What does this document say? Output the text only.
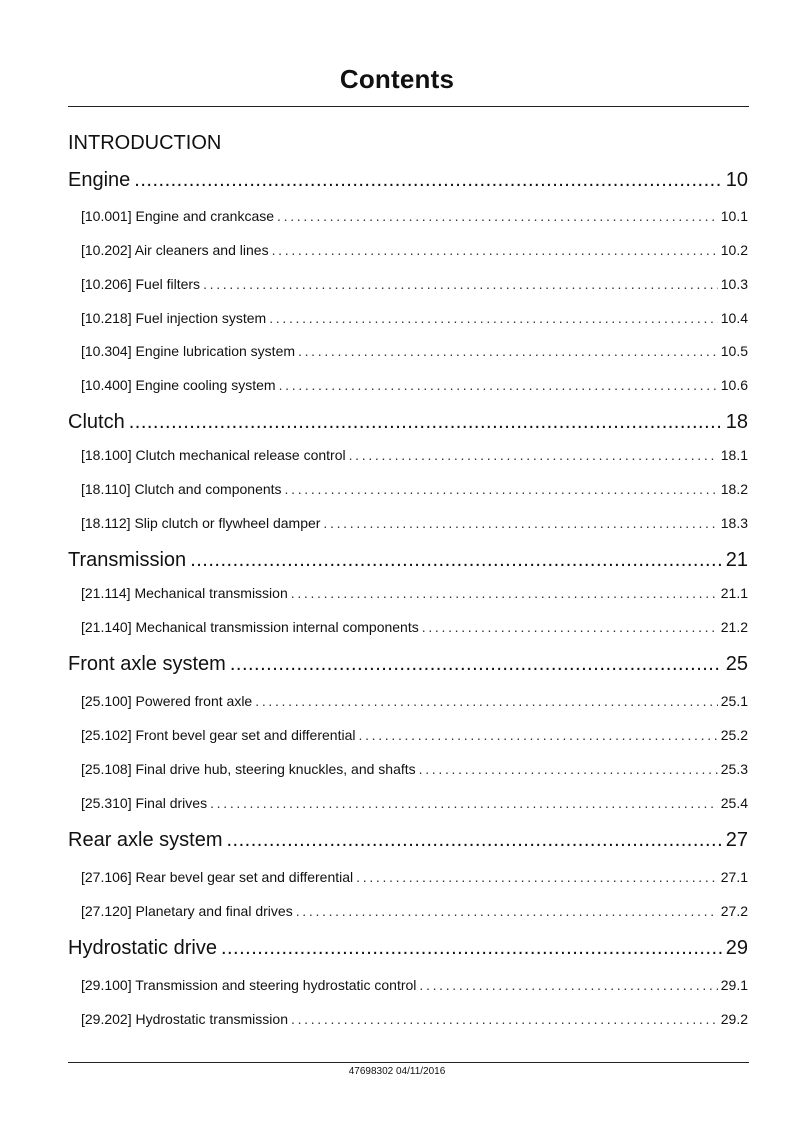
Contents
INTRODUCTION
Engine .....	10
[10.001] Engine and crankcase . . .	10.1
[10.202] Air cleaners and lines . . .	10.2
[10.206] Fuel filters . . .	10.3
[10.218] Fuel injection system . . .	10.4
[10.304] Engine lubrication system . . .	10.5
[10.400] Engine cooling system . . .	10.6
Clutch .....	18
[18.100] Clutch mechanical release control . . .	18.1
[18.110] Clutch and components . . .	18.2
[18.112] Slip clutch or flywheel damper . . .	18.3
Transmission .....	21
[21.114] Mechanical transmission . . .	21.1
[21.140] Mechanical transmission internal components . . .	21.2
Front axle system .....	25
[25.100] Powered front axle . . .	25.1
[25.102] Front bevel gear set and differential . . .	25.2
[25.108] Final drive hub, steering knuckles, and shafts . . .	25.3
[25.310] Final drives . . .	25.4
Rear axle system .....	27
[27.106] Rear bevel gear set and differential . . .	27.1
[27.120] Planetary and final drives . . .	27.2
Hydrostatic drive .....	29
[29.100] Transmission and steering hydrostatic control . . .	29.1
[29.202] Hydrostatic transmission . . .	29.2
47698302 04/11/2016
